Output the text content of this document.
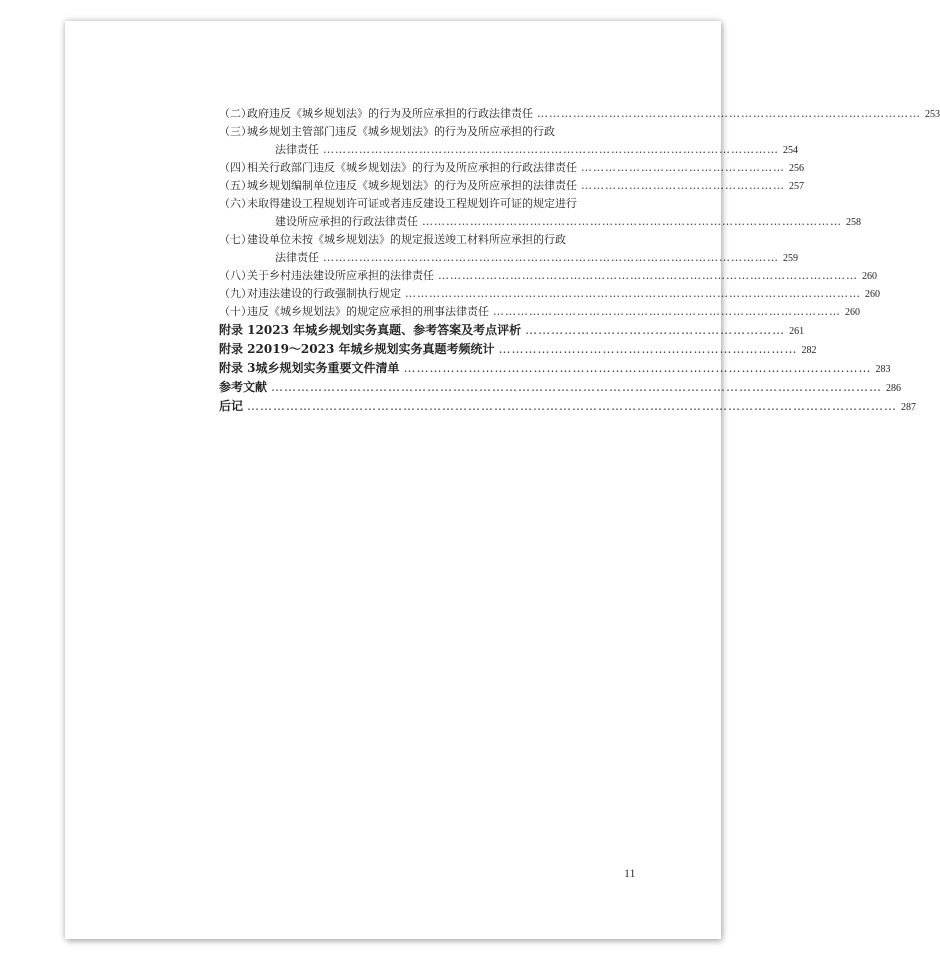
（二）
政府违反《城乡规划法》的行为及所应承担的行政法律责任 …………………………………………………………………………………… 253
（三）城乡规划主管部门违反《城乡规划法》的行为及所应承担的行政
法律责任 …………………………………………………………………………………………………… 254
（四）
相关行政部门违反《城乡规划法》的行为及所应承担的行政法律责任 …………………………………………… 256
（五）
城乡规划编制单位违反《城乡规划法》的行为及所应承担的法律责任 …………………………………………… 257
（六）未取得建设工程规划许可证或者违反建设工程规划许可证的规定进行
建设所应承担的行政法律责任 …………………………………………………………………………………………… 258
（七）建设单位未按《城乡规划法》的规定报送竣工材料所应承担的行政
法律责任 …………………………………………………………………………………………………… 259
（八）
关于乡村违法建设所应承担的法律责任 …………………………………………………………………………………………… 260
（九）
对违法建设的行政强制执行规定 …………………………………………………………………………………………………… 260
（十）
违反《城乡规划法》的规定应承担的刑事法律责任 …………………………………………………………………………… 260
附录 1 2023 年城乡规划实务真题、参考答案及考点评析 …………………………………………………… 261
附录 2 2019～2023 年城乡规划实务真题考频统计 …………………………………………………………… 282
附录 3 城乡规划实务重要文件清单 ……………………………………………………………………………………………… 283
参考文献 …………………………………………………………………………………………………………………………… 286
后记 …………………………………………………………………………………………………………………………………… 287
11
